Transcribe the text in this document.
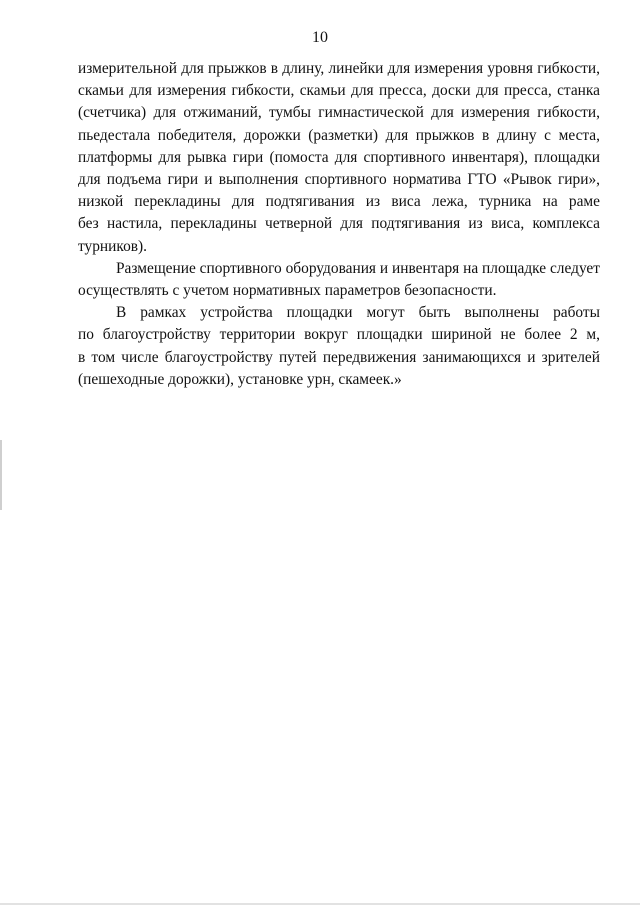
10

измерительной для прыжков в длину, линейки для измерения уровня гибкости,
скамьи для измерения гибкости, скамьи для пресса, доски для пресса, станка
(счетчика) для отжиманий, тумбы гимнастической для измерения гибкости,
пьедестала победителя, дорожки (разметки) для прыжков в длину с места,
платформы для рывка гири (помоста для спортивного инвентаря), площадки
для подъема гири и выполнения спортивного норматива ГТО «Рывок гири»,
низкой перекладины для подтягивания из виса лежа, турника на раме
без настила, перекладины четверной для подтягивания из виса, комплекса
турников).

Размещение спортивного оборудования и инвентаря на площадке следует
осуществлять с учетом нормативных параметров безопасности.

В рамках устройства площадки могут быть выполнены работы
по благоустройству территории вокруг площадки шириной не более 2 м,
в том числе благоустройству путей передвижения занимающихся и зрителей
(пешеходные дорожки), установке урн, скамеек.»
